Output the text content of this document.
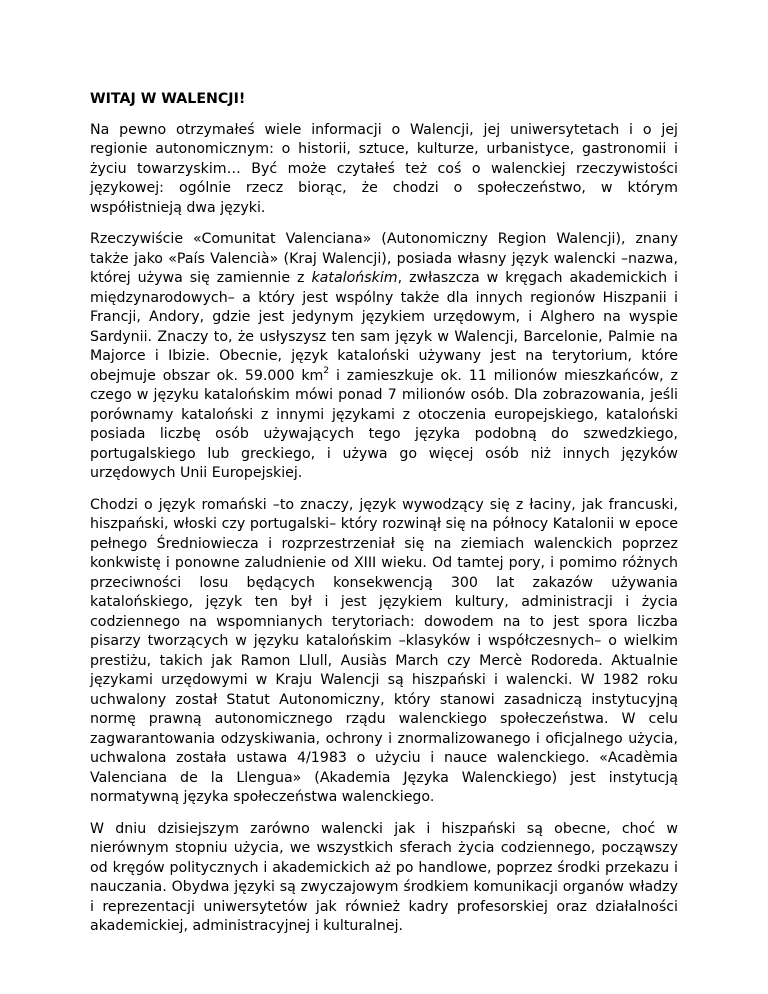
WITAJ W WALENCJI!

Na pewno otrzymałeś wiele informacji o Walencji, jej uniwersytetach i o jej regionie autonomicznym: o historii, sztuce, kulturze, urbanistyce, gastronomii i życiu towarzyskim… Być może czytałeś też coś o walenckiej rzeczywistości językowej: ogólnie rzecz biorąc, że chodzi o społeczeństwo, w którym współistnieją dwa języki.

Rzeczywiście «Comunitat Valenciana» (Autonomiczny Region Walencji), znany także jako «País Valencià» (Kraj Walencji), posiada własny język walencki –nazwa, której używa się zamiennie z katalońskim, zwłaszcza w kręgach akademickich i międzynarodowych– a który jest wspólny także dla innych regionów Hiszpanii i Francji, Andory, gdzie jest jedynym językiem urzędowym, i Alghero na wyspie Sardynii. Znaczy to, że usłyszysz ten sam język w Walencji, Barcelonie, Palmie na Majorce i Ibizie. Obecnie, język kataloński używany jest na terytorium, które obejmuje obszar ok. 59.000 $km^2$ i zamieszkuje ok. 11 milionów mieszkańców, z czego w języku katalońskim mówi ponad 7 milionów osób. Dla zobrazowania, jeśli porównamy kataloński z innymi językami z otoczenia europejskiego, kataloński posiada liczbę osób używających tego języka podobną do szwedzkiego, portugalskiego lub greckiego, i używa go więcej osób niż innych języków urzędowych Unii Europejskiej.

Chodzi o język romański –to znaczy, język wywodzący się z łaciny, jak francuski, hiszpański, włoski czy portugalski– który rozwinął się na północy Katalonii w epoce pełnego Średniowiecza i rozprzestrzeniał się na ziemiach walenckich poprzez konkwistę i ponowne zaludnienie od XIII wieku. Od tamtej pory, i pomimo różnych przeciwności losu będących konsekwencją 300 lat zakazów używania katalońskiego, język ten był i jest językiem kultury, administracji i życia codziennego na wspomnianych terytoriach: dowodem na to jest spora liczba pisarzy tworzących w języku katalońskim –klasyków i współczesnych– o wielkim prestiżu, takich jak Ramon Llull, Ausiàs March czy Mercè Rodoreda. Aktualnie językami urzędowymi w Kraju Walencji są hiszpański i walencki. W 1982 roku uchwalony został Statut Autonomiczny, który stanowi zasadniczą instytucyjną normę prawną autonomicznego rządu walenckiego społeczeństwa. W celu zagwarantowania odzyskiwania, ochrony i znormalizowanego i oficjalnego użycia, uchwalona została ustawa 4/1983 o użyciu i nauce walenckiego. «Acadèmia Valenciana de la Llengua» (Akademia Języka Walenckiego) jest instytucją normatywną języka społeczeństwa walenckiego.

W dniu dzisiejszym zarówno walencki jak i hiszpański są obecne, choć w nierównym stopniu użycia, we wszystkich sferach życia codziennego, począwszy od kręgów politycznych i akademickich aż po handlowe, poprzez środki przekazu i nauczania. Obydwa języki są zwyczajowym środkiem komunikacji organów władzy i reprezentacji uniwersytetów jak również kadry profesorskiej oraz działalności akademickiej, administracyjnej i kulturalnej.
